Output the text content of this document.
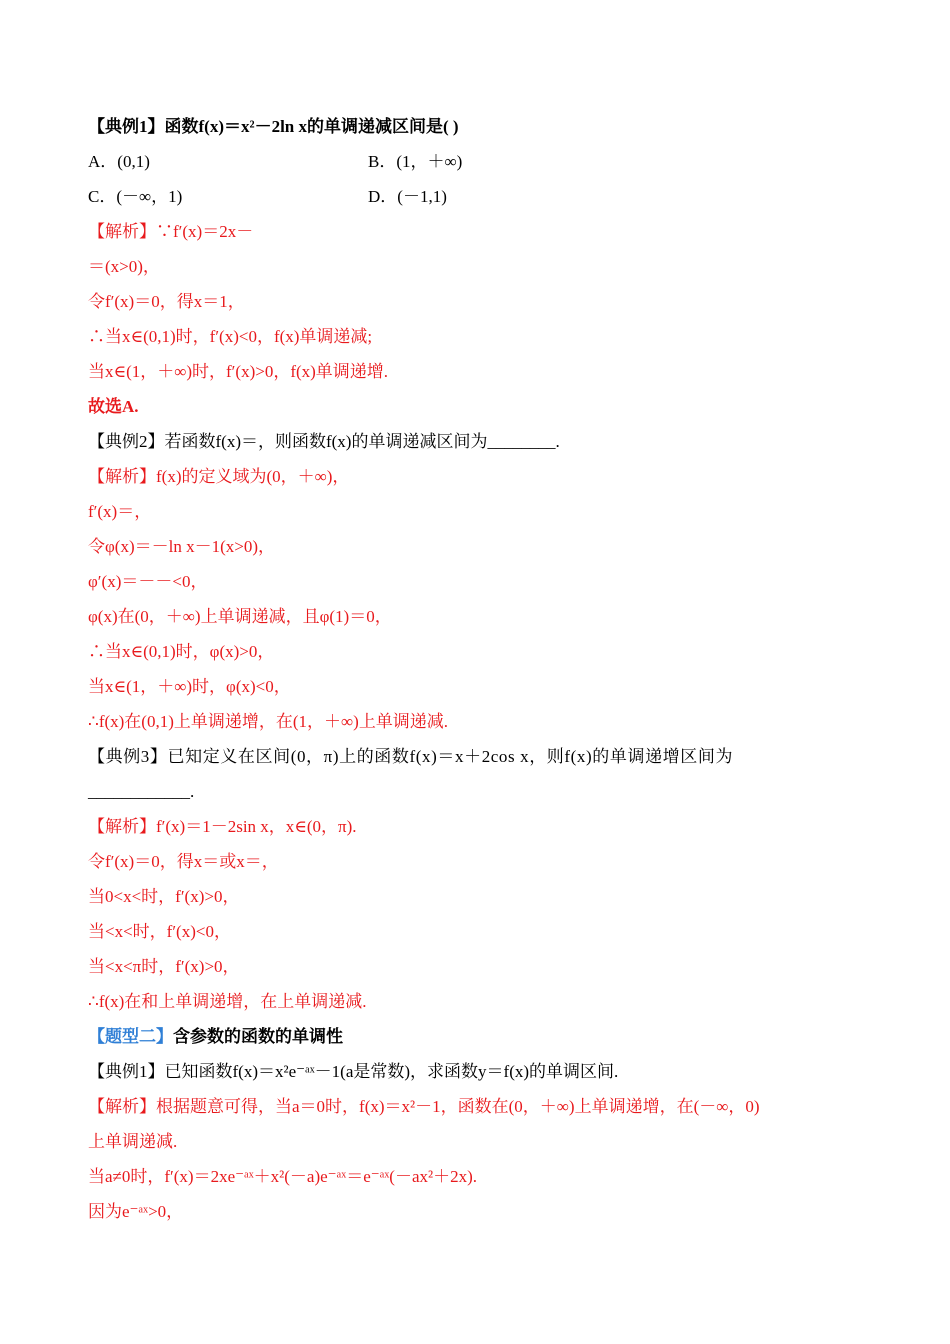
【典例1】函数f(x)＝x²－2ln x的单调递减区间是( )
A．(0,1)	B．(1，＋∞)
C．(－∞，1)	D．(－1,1)
【解析】∵f′(x)＝2x－
＝(x>0)，
令f′(x)＝0，得x＝1，
∴当x∈(0,1)时，f′(x)<0，f(x)单调递减;
当x∈(1，＋∞)时，f′(x)>0，f(x)单调递增.
故选A.
【典例2】若函数f(x)＝，则函数f(x)的单调递减区间为________.
【解析】f(x)的定义域为(0，＋∞)，
f′(x)＝，
令φ(x)＝－ln x－1(x>0)，
φ′(x)＝－－<0，
φ(x)在(0，＋∞)上单调递减，且φ(1)＝0，
∴当x∈(0,1)时，φ(x)>0，
当x∈(1，＋∞)时，φ(x)<0，
∴f(x)在(0,1)上单调递增，在(1，＋∞)上单调递减.
【典例3】已知定义在区间(0，π)上的函数f(x)＝x＋2cos x，则f(x)的单调递增区间为
____________.
【解析】f′(x)＝1－2sin x，x∈(0，π).
令f′(x)＝0，得x＝或x＝，
当0<x<时，f′(x)>0，
当<x<时，f′(x)<0，
当<x<π时，f′(x)>0，
∴f(x)在和上单调递增，在上单调递减.
【题型二】含参数的函数的单调性
【典例1】已知函数f(x)＝x²e⁻ᵃˣ－1(a是常数)，求函数y＝f(x)的单调区间.
【解析】根据题意可得，当a＝0时，f(x)＝x²－1，函数在(0，＋∞)上单调递增，在(－∞，0)
上单调递减.
当a≠0时，f′(x)＝2xe⁻ᵃˣ＋x²(－a)e⁻ᵃˣ＝e⁻ᵃˣ(－ax²＋2x).
因为e⁻ᵃˣ>0，
